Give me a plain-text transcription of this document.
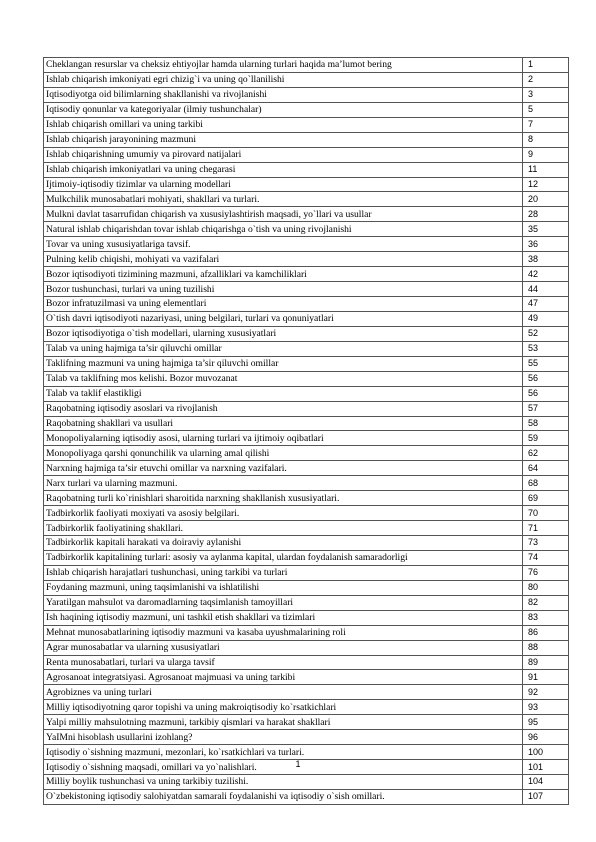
Cheklangan resurslar va cheksiz ehtiyojlar hamda ularning turlari haqida ma’lumot bering	1
Ishlab chiqarish imkoniyati egri chizig`i va uning qo`llanilishi	2
Iqtisodiyotga oid bilimlarning shakllanishi va rivojlanishi	3
Iqtisodiy qonunlar va kategoriyalar (ilmiy tushunchalar)	5
Ishlab chiqarish omillari va uning tarkibi	7
Ishlab chiqarish jarayonining mazmuni	8
Ishlab chiqarishning umumiy va pirovard natijalari	9
Ishlab chiqarish imkoniyatlari va uning chegarasi	11
Ijtimoiy-iqtisodiy tizimlar va ularning modellari	12
Mulkchilik munosabatlari mohiyati, shakllari va turlari.	20
Mulkni davlat tasarrufidan chiqarish va xususiylashtirish maqsadi, yo`llari va usullar	28
Natural ishlab chiqarishdan tovar ishlab chiqarishga o`tish va uning rivojlanishi	35
Tovar va uning xususiyatlariga tavsif.	36
Pulning kelib chiqishi, mohiyati va vazifalari	38
Bozor iqtisodiyoti tizimining mazmuni, afzalliklari va kamchiliklari	42
Bozor tushunchasi, turlari va uning tuzilishi	44
Bozor infratuzilmasi va uning elementlari	47
O`tish davri iqtisodiyoti nazariyasi, uning belgilari, turlari va qonuniyatlari	49
Bozor iqtisodiyotiga o`tish modellari, ularning xususiyatlari	52
Talab va uning hajmiga ta’sir qiluvchi omillar	53
Taklifning mazmuni va uning hajmiga ta’sir qiluvchi omillar	55
Talab va taklifning mos kelishi. Bozor muvozanat	56
Talab va taklif elastikligi	56
Raqobatning iqtisodiy asoslari va rivojlanish	57
Raqobatning shakllari va usullari	58
Monopoliyalarning iqtisodiy asosi, ularning turlari va ijtimoiy oqibatlari	59
Monopoliyaga qarshi qonunchilik va ularning amal qilishi	62
Narxning hajmiga ta’sir etuvchi omillar va narxning vazifalari.	64
Narx turlari va ularning mazmuni.	68
Raqobatning turli ko`rinishlari sharoitida narxning shakllanish xususiyatlari.	69
Tadbirkorlik faoliyati moxiyati va asosiy belgilari.	70
Tadbirkorlik faoliyatining shakllari.	71
Tadbirkorlik kapitali harakati va doiraviy aylanishi	73
Tadbirkorlik kapitalining turlari: asosiy va aylanma kapital, ulardan foydalanish samaradorligi	74
Ishlab chiqarish harajatlari tushunchasi, uning tarkibi va turlari	76
Foydaning mazmuni, uning taqsimlanishi va ishlatilishi	80
Yaratilgan mahsulot va daromadlarning taqsimlanish tamoyillari	82
Ish haqining iqtisodiy mazmuni, uni tashkil etish shakllari va tizimlari	83
Mehnat munosabatlarining iqtisodiy mazmuni va kasaba uyushmalarining roli	86
Agrar munosabatlar va ularning xususiyatlari	88
Renta munosabatlari, turlari va ularga tavsif	89
Agrosanoat integratsiyasi. Agrosanoat majmuasi va uning tarkibi	91
Agrobiznes va uning turlari	92
Milliy iqtisodiyotning qaror topishi va uning makroiqtisodiy ko`rsatkichlari	93
Yalpi milliy mahsulotning mazmuni, tarkibiy qismlari va harakat shakllari	95
YaIMni hisoblash usullarini izohlang?	96
Iqtisodiy o`sishning mazmuni, mezonlari, ko`rsatkichlari va turlari.	100
Iqtisodiy o`sishning maqsadi, omillari va yo`nalishlari.	101
Milliy boylik tushunchasi va uning tarkibiy tuzilishi.	104
O`zbekistoning iqtisodiy salohiyatdan samarali foydalanishi va iqtisodiy o`sish omillari.	107
1
